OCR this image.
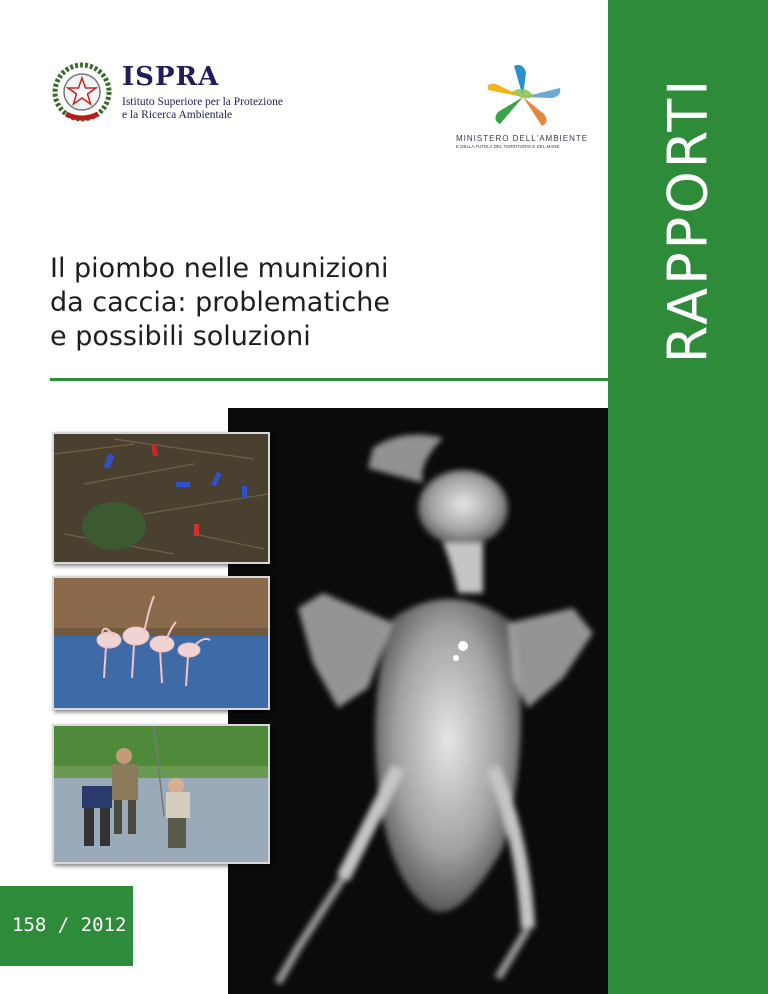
RAPPORTI
ISPRA
Istituto Superiore per la Protezione
e la Ricerca Ambientale
MINISTERO DELL'AMBIENTE
E DELLA TUTELA DEL TERRITORIO E DEL MARE
Il piombo nelle munizioni
da caccia: problematiche
e possibili soluzioni
158 / 2012
